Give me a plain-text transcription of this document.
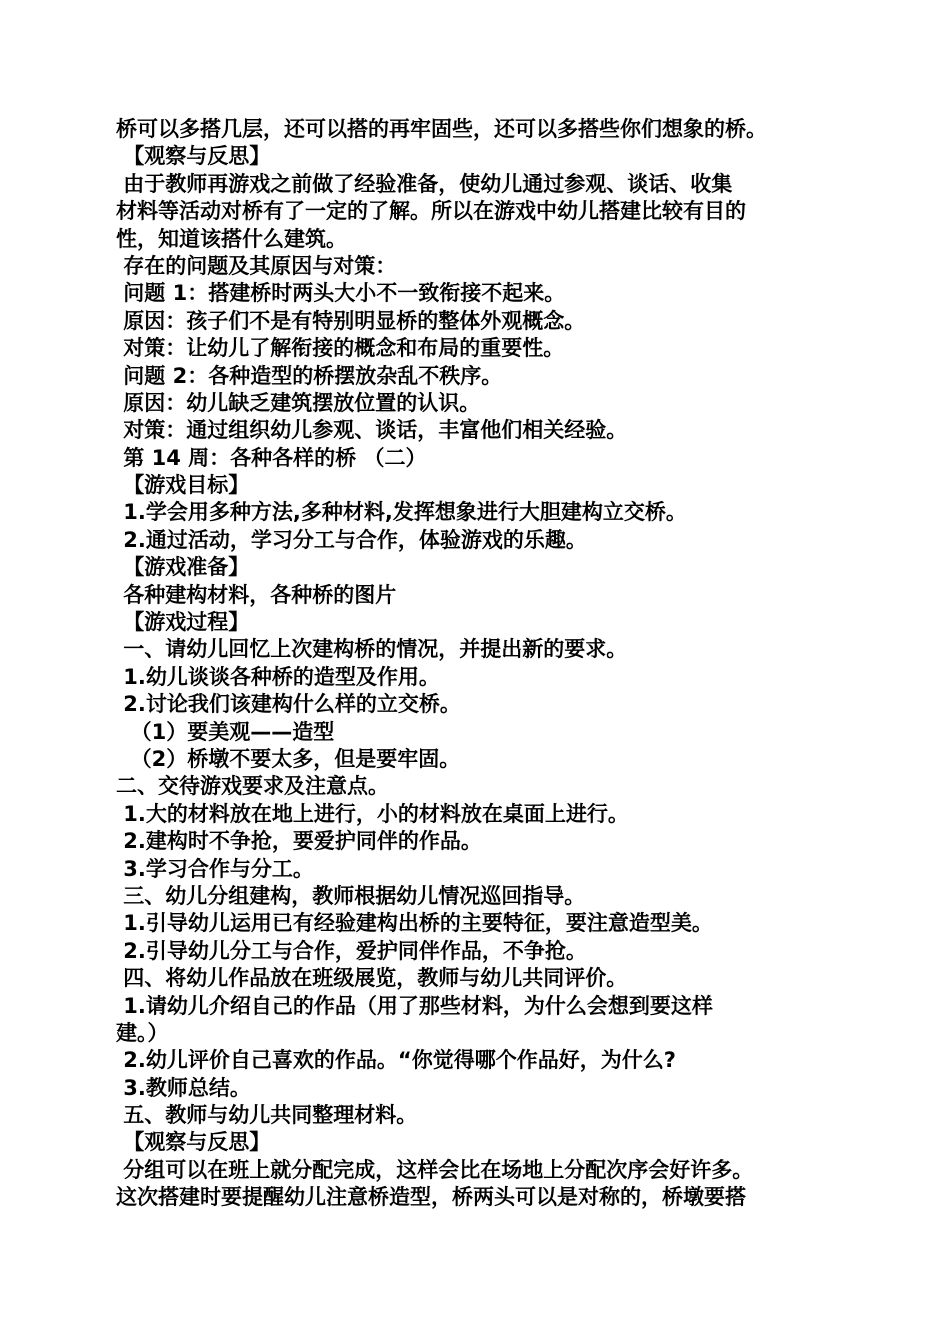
桥可以多搭几层，还可以搭的再牢固些，还可以多搭些你们想象的桥。
【观察与反思】
由于教师再游戏之前做了经验准备，使幼儿通过参观、谈话、收集
材料等活动对桥有了一定的了解。所以在游戏中幼儿搭建比较有目的
性，知道该搭什么建筑。
存在的问题及其原因与对策：
问题 1：搭建桥时两头大小不一致衔接不起来。
原因：孩子们不是有特别明显桥的整体外观概念。
对策：让幼儿了解衔接的概念和布局的重要性。
问题 2：各种造型的桥摆放杂乱不秩序。
原因：幼儿缺乏建筑摆放位置的认识。
对策：通过组织幼儿参观、谈话，丰富他们相关经验。
第 14 周：各种各样的桥 （二）
【游戏目标】
1.学会用多种方法,多种材料,发挥想象进行大胆建构立交桥。
2.通过活动，学习分工与合作，体验游戏的乐趣。
【游戏准备】
各种建构材料，各种桥的图片
【游戏过程】
一、请幼儿回忆上次建构桥的情况，并提出新的要求。
1.幼儿谈谈各种桥的造型及作用。
2.讨论我们该建构什么样的立交桥。
（1）要美观——造型
（2）桥墩不要太多，但是要牢固。
二、交待游戏要求及注意点。
1.大的材料放在地上进行，小的材料放在桌面上进行。
2.建构时不争抢，要爱护同伴的作品。
3.学习合作与分工。
三、幼儿分组建构，教师根据幼儿情况巡回指导。
1.引导幼儿运用已有经验建构出桥的主要特征，要注意造型美。
2.引导幼儿分工与合作，爱护同伴作品，不争抢。
四、将幼儿作品放在班级展览，教师与幼儿共同评价。
1.请幼儿介绍自己的作品（用了那些材料，为什么会想到要这样
建。）
2.幼儿评价自己喜欢的作品。“你觉得哪个作品好，为什么?
3.教师总结。
五、教师与幼儿共同整理材料。
【观察与反思】
分组可以在班上就分配完成，这样会比在场地上分配次序会好许多。
这次搭建时要提醒幼儿注意桥造型，桥两头可以是对称的，桥墩要搭
